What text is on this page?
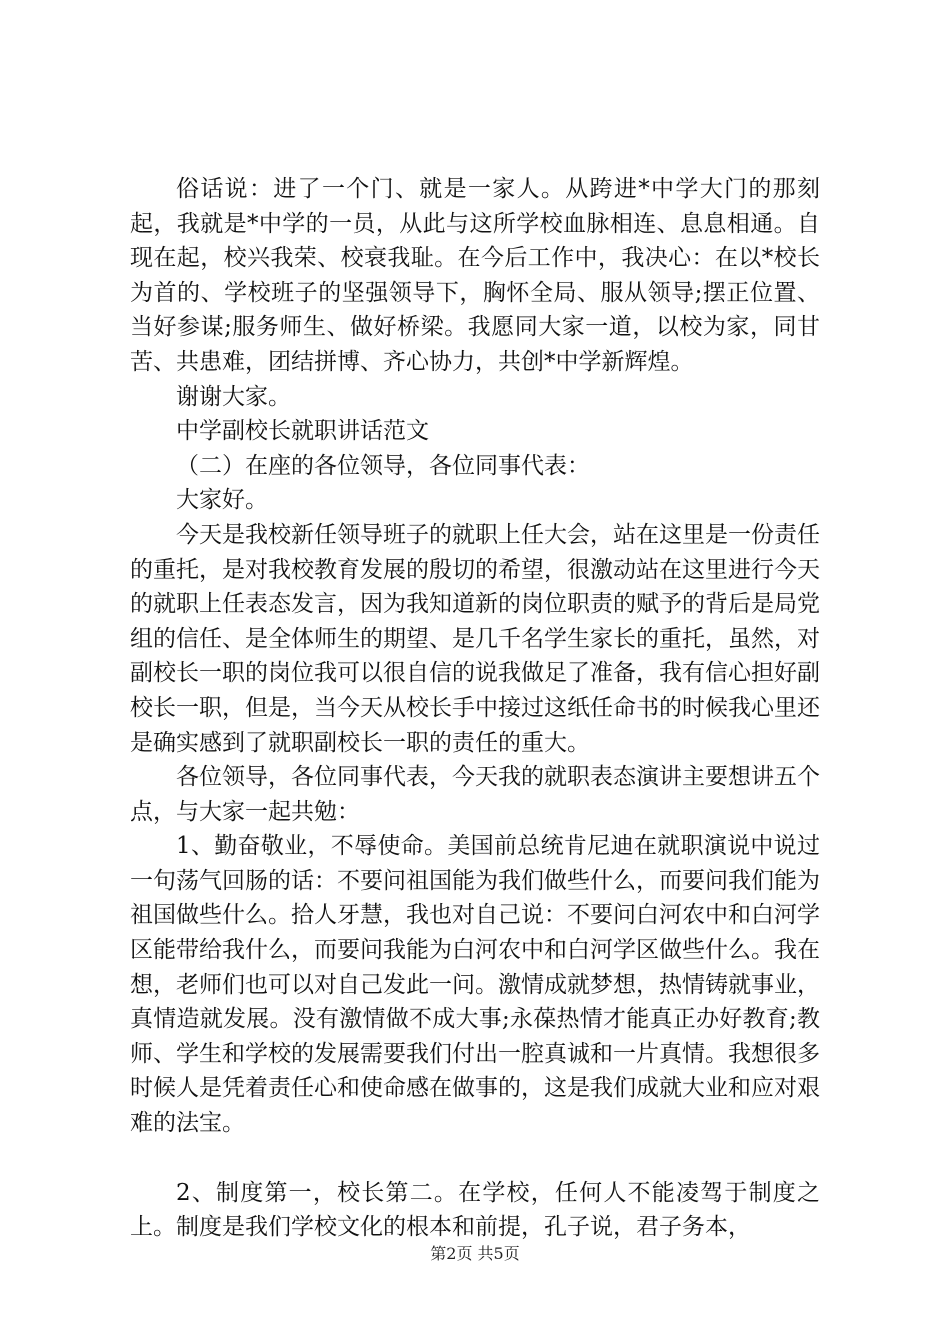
俗话说：进了一个门、就是一家人。从跨进*中学大门的那刻起，我就是*中学的一员，从此与这所学校血脉相连、息息相通。自现在起，校兴我荣、校衰我耻。在今后工作中，我决心：在以*校长为首的、学校班子的坚强领导下，胸怀全局、服从领导;摆正位置、当好参谋;服务师生、做好桥梁。我愿同大家一道，以校为家，同甘苦、共患难，团结拼博、齐心协力，共创*中学新辉煌。

谢谢大家。

中学副校长就职讲话范文

（二）在座的各位领导，各位同事代表：

大家好。

今天是我校新任领导班子的就职上任大会，站在这里是一份责任的重托，是对我校教育发展的殷切的希望，很激动站在这里进行今天的就职上任表态发言，因为我知道新的岗位职责的赋予的背后是局党组的信任、是全体师生的期望、是几千名学生家长的重托，虽然，对副校长一职的岗位我可以很自信的说我做足了准备，我有信心担好副校长一职，但是，当今天从校长手中接过这纸任命书的时候我心里还是确实感到了就职副校长一职的责任的重大。

各位领导，各位同事代表，今天我的就职表态演讲主要想讲五个点，与大家一起共勉：

1、勤奋敬业，不辱使命。美国前总统肯尼迪在就职演说中说过一句荡气回肠的话：不要问祖国能为我们做些什么，而要问我们能为祖国做些什么。拾人牙慧，我也对自己说：不要问白河农中和白河学区能带给我什么，而要问我能为白河农中和白河学区做些什么。我在想，老师们也可以对自己发此一问。激情成就梦想，热情铸就事业，真情造就发展。没有激情做不成大事;永葆热情才能真正办好教育;教师、学生和学校的发展需要我们付出一腔真诚和一片真情。我想很多时候人是凭着责任心和使命感在做事的，这是我们成就大业和应对艰难的法宝。

2、制度第一，校长第二。在学校，任何人不能凌驾于制度之上。制度是我们学校文化的根本和前提，孔子说，君子务本，

第2页 共5页
